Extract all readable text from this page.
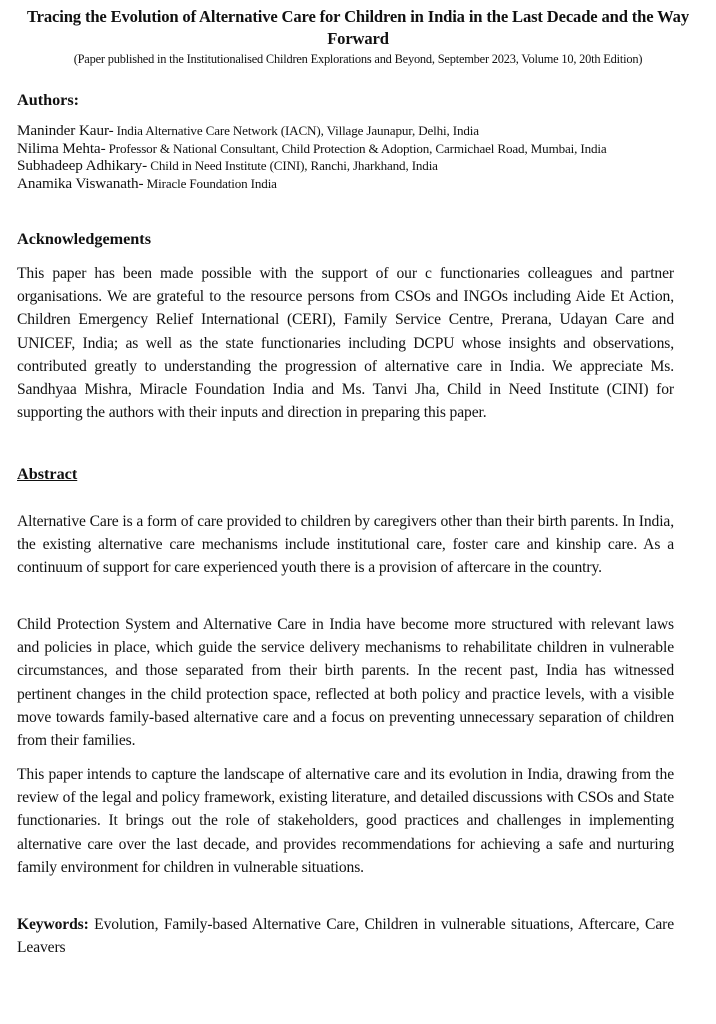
Tracing the Evolution of Alternative Care for Children in India in the Last Decade and the Way Forward
(Paper published in the Institutionalised Children Explorations and Beyond, September 2023, Volume 10, 20th Edition)
Authors:
Maninder Kaur- India Alternative Care Network (IACN), Village Jaunapur, Delhi, India
Nilima Mehta- Professor & National Consultant, Child Protection & Adoption, Carmichael Road, Mumbai, India
Subhadeep Adhikary- Child in Need Institute (CINI), Ranchi, Jharkhand, India
Anamika Viswanath- Miracle Foundation India
Acknowledgements
This paper has been made possible with the support of our c functionaries colleagues and partner organisations. We are grateful to the resource persons from CSOs and INGOs including Aide Et Action, Children Emergency Relief International (CERI), Family Service Centre, Prerana, Udayan Care and UNICEF, India; as well as the state functionaries including DCPU whose insights and observations, contributed greatly to understanding the progression of alternative care in India. We appreciate Ms. Sandhyaa Mishra, Miracle Foundation India and Ms. Tanvi Jha, Child in Need Institute (CINI) for supporting the authors with their inputs and direction in preparing this paper.
Abstract
Alternative Care is a form of care provided to children by caregivers other than their birth parents. In India, the existing alternative care mechanisms include institutional care, foster care and kinship care. As a continuum of support for care experienced youth there is a provision of aftercare in the country.
Child Protection System and Alternative Care in India have become more structured with relevant laws and policies in place, which guide the service delivery mechanisms to rehabilitate children in vulnerable circumstances, and those separated from their birth parents. In the recent past, India has witnessed pertinent changes in the child protection space, reflected at both policy and practice levels, with a visible move towards family-based alternative care and a focus on preventing unnecessary separation of children from their families.
This paper intends to capture the landscape of alternative care and its evolution in India, drawing from the review of the legal and policy framework, existing literature, and detailed discussions with CSOs and State functionaries. It brings out the role of stakeholders, good practices and challenges in implementing alternative care over the last decade, and provides recommendations for achieving a safe and nurturing family environment for children in vulnerable situations.
Keywords: Evolution, Family-based Alternative Care, Children in vulnerable situations, Aftercare, Care Leavers
